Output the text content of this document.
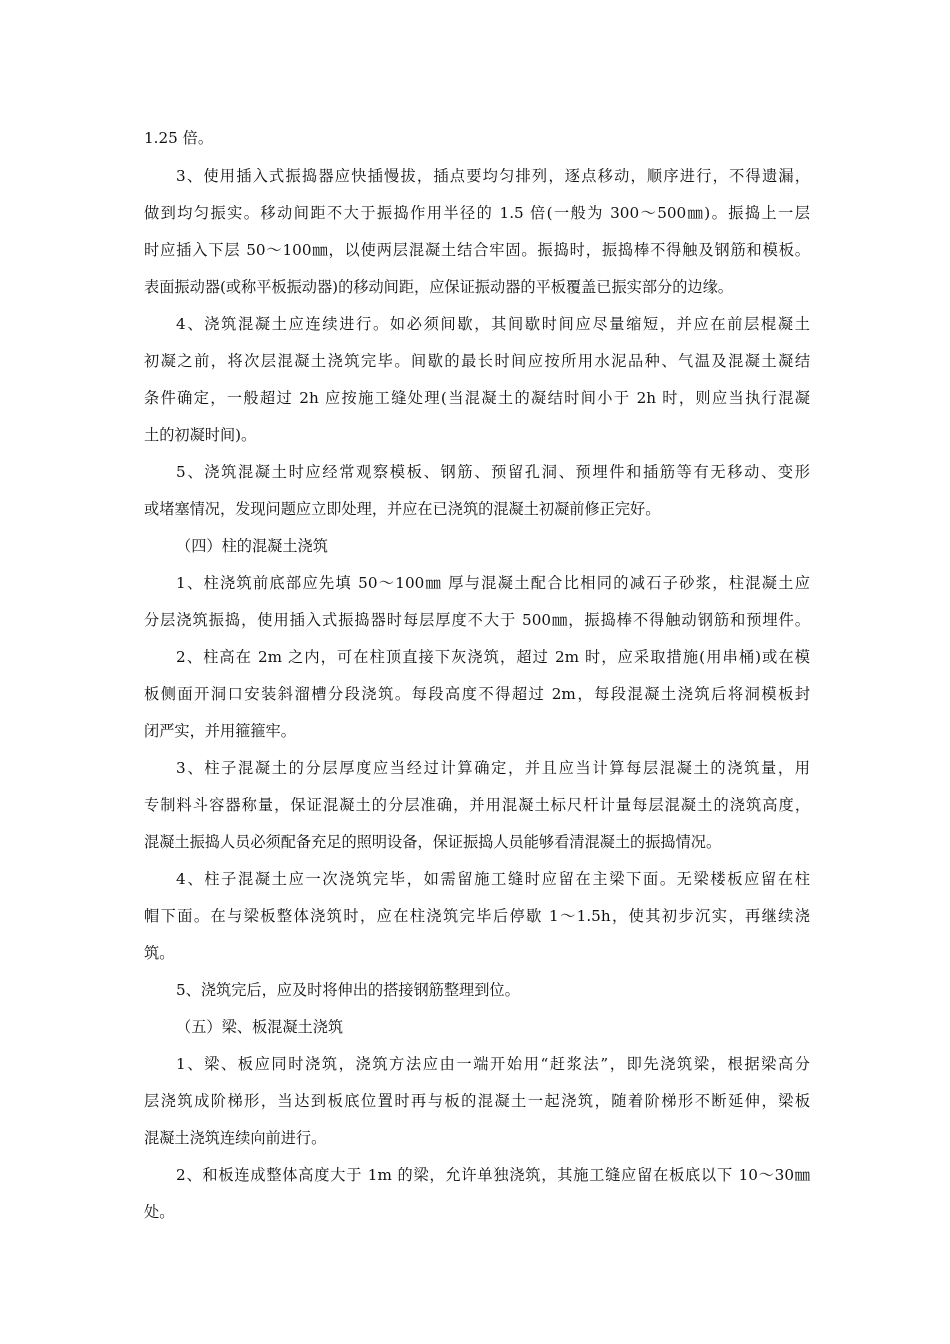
1.25 倍。
3、使用插入式振捣器应快插慢拔，插点要均匀排列，逐点移动，顺序进行，不得遗漏，
做到均匀振实。移动间距不大于振捣作用半径的 1.5 倍(一般为 300～500㎜)。振捣上一层
时应插入下层 50～100㎜，以使两层混凝土结合牢固。振捣时，振捣棒不得触及钢筋和模板。
表面振动器(或称平板振动器)的移动间距，应保证振动器的平板覆盖已振实部分的边缘。
4、浇筑混凝土应连续进行。如必须间歇，其间歇时间应尽量缩短，并应在前层棍凝土
初凝之前，将次层混凝土浇筑完毕。间歇的最长时间应按所用水泥品种、气温及混凝土凝结
条件确定，一般超过 2h 应按施工缝处理(当混凝土的凝结时间小于 2h 时，则应当执行混凝
土的初凝时间)。
5、浇筑混凝土时应经常观察模板、钢筋、预留孔洞、预埋件和插筋等有无移动、变形
或堵塞情况，发现问题应立即处理，并应在已浇筑的混凝土初凝前修正完好。
（四）柱的混凝土浇筑
1、柱浇筑前底部应先填 50～100㎜ 厚与混凝土配合比相同的减石子砂浆，柱混凝土应
分层浇筑振捣，使用插入式振捣器时每层厚度不大于 500㎜，振捣棒不得触动钢筋和预埋件。
2、柱高在 2m 之内，可在柱顶直接下灰浇筑，超过 2m 时，应采取措施(用串桶)或在模
板侧面开洞口安装斜溜槽分段浇筑。每段高度不得超过 2m，每段混凝土浇筑后将洞模板封
闭严实，并用箍箍牢。
3、柱子混凝土的分层厚度应当经过计算确定，并且应当计算每层混凝土的浇筑量，用
专制料斗容器称量，保证混凝土的分层准确，并用混凝土标尺杆计量每层混凝土的浇筑高度，
混凝土振捣人员必须配备充足的照明设备，保证振捣人员能够看清混凝土的振捣情况。
4、柱子混凝土应一次浇筑完毕，如需留施工缝时应留在主梁下面。无梁楼板应留在柱
帽下面。在与梁板整体浇筑时，应在柱浇筑完毕后停歇 1～1.5h，使其初步沉实，再继续浇
筑。
5、浇筑完后，应及时将伸出的搭接钢筋整理到位。
（五）梁、板混凝土浇筑
1、梁、板应同时浇筑，浇筑方法应由一端开始用“赶浆法”，即先浇筑梁，根据梁高分
层浇筑成阶梯形，当达到板底位置时再与板的混凝土一起浇筑，随着阶梯形不断延伸，梁板
混凝土浇筑连续向前进行。
2、和板连成整体高度大于 1m 的梁，允许单独浇筑，其施工缝应留在板底以下 10～30㎜
处。
